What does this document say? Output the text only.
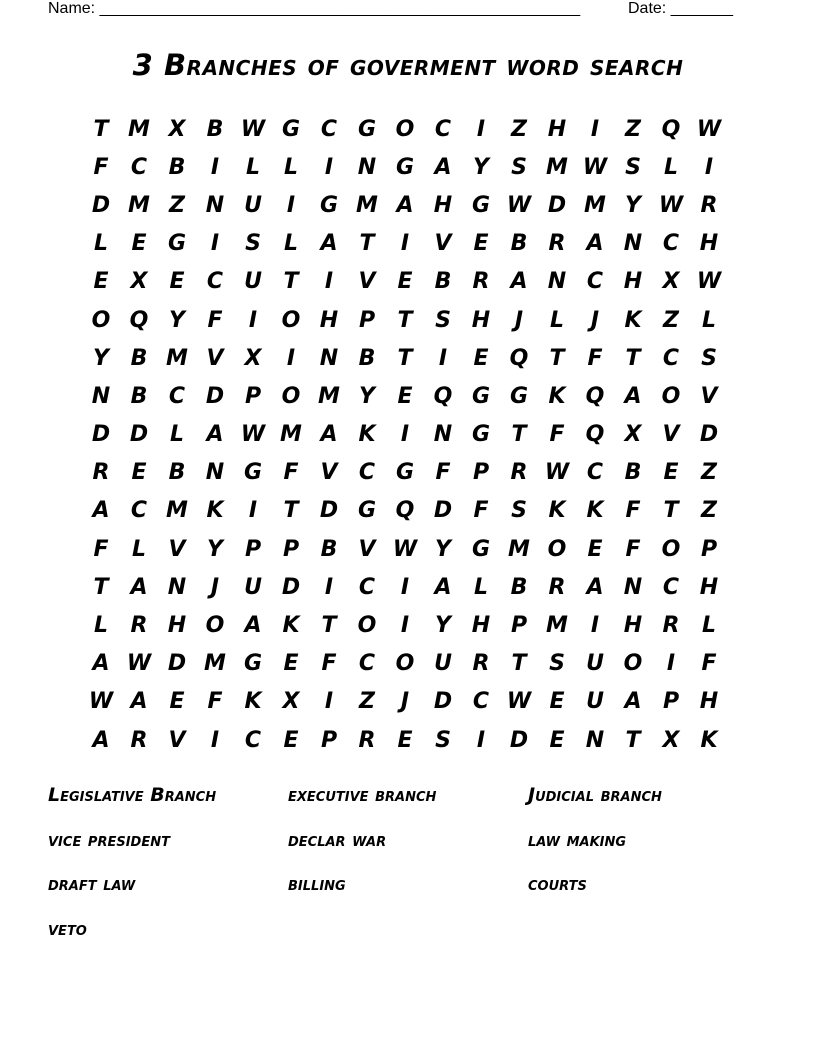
Name: ______________________________________________________	Date: _______
3 Branches of goverment word search
T M X B W G C G O C	I	Z H	I	Z Q W
F	C B	I	L	L	I	N G A Y	S M W S	L	I
D M Z N U	I	G M A H G W D M Y W R
L	E G	I	S	L	A T	I	V E	B R A N C H
E	X	E	C U T	I	V E	B R A N C H X W
O Q Y	F	I	O H P	T	S H	J	L	J	K Z	L
Y B M V X	I	N B	T	I	E Q T	F	T	C S
N B C D P O M Y	E Q G G K Q A O V
D D L	A W M A K	I	N G T	F Q X V D
R	E	B N G F V C G F	P R W C B	E	Z
A C M K	I	T D G Q D F	S K K F	T	Z
F	L	V Y P P B V W Y G M O E	F O P
T A N	J	U D	I	C	I	A	L	B R A N C H
L	R H O A K T O	I	Y H P M	I	H R	L
A W D M G E	F	C O U R	T	S U O	I	F
W A E	F K X	I	Z	J	D C W E U A P H
A R V	I	C	E	P R	E	S	I	D E N T	X K
Legislative Branch	executive branch	Judicial branch
vice president	declar war	law making
draft law	billing	courts
veto
